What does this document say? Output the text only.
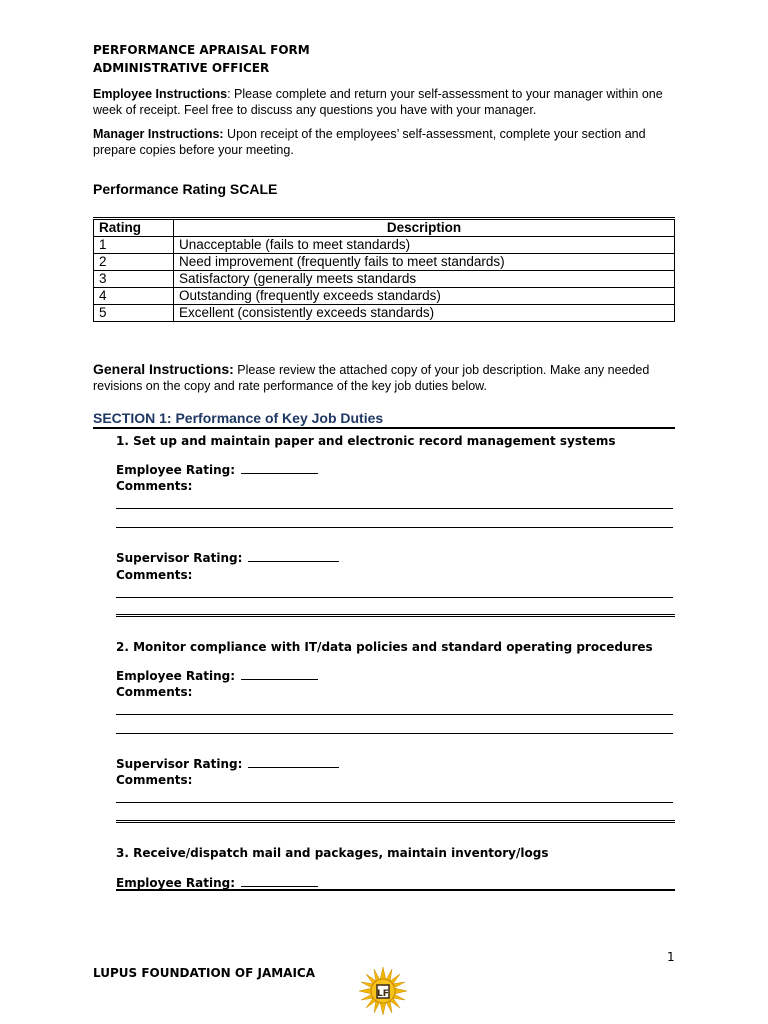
PERFORMANCE APRAISAL FORM
ADMINISTRATIVE OFFICER
Employee Instructions: Please complete and return your self-assessment to your manager within one week of receipt. Feel free to discuss any questions you have with your manager.
Manager Instructions: Upon receipt of the employees’ self-assessment, complete your section and prepare copies before your meeting.
Performance Rating SCALE
Rating	Description
1	Unacceptable (fails to meet standards)
2	Need improvement (frequently fails to meet standards)
3	Satisfactory (generally meets standards
4	Outstanding (frequently exceeds standards)
5	Excellent (consistently exceeds standards)
General Instructions: Please review the attached copy of your job description. Make any needed revisions on the copy and rate performance of the key job duties below.
SECTION 1: Performance of Key Job Duties
1. Set up and maintain paper and electronic record management systems
Employee Rating:
Comments:
Supervisor Rating:
Comments:
2. Monitor compliance with IT/data policies and standard operating procedures
Employee Rating:
Comments:
Supervisor Rating:
Comments:
3. Receive/dispatch mail and packages, maintain inventory/logs
Employee Rating:
1
LUPUS FOUNDATION OF JAMAICA
LF
